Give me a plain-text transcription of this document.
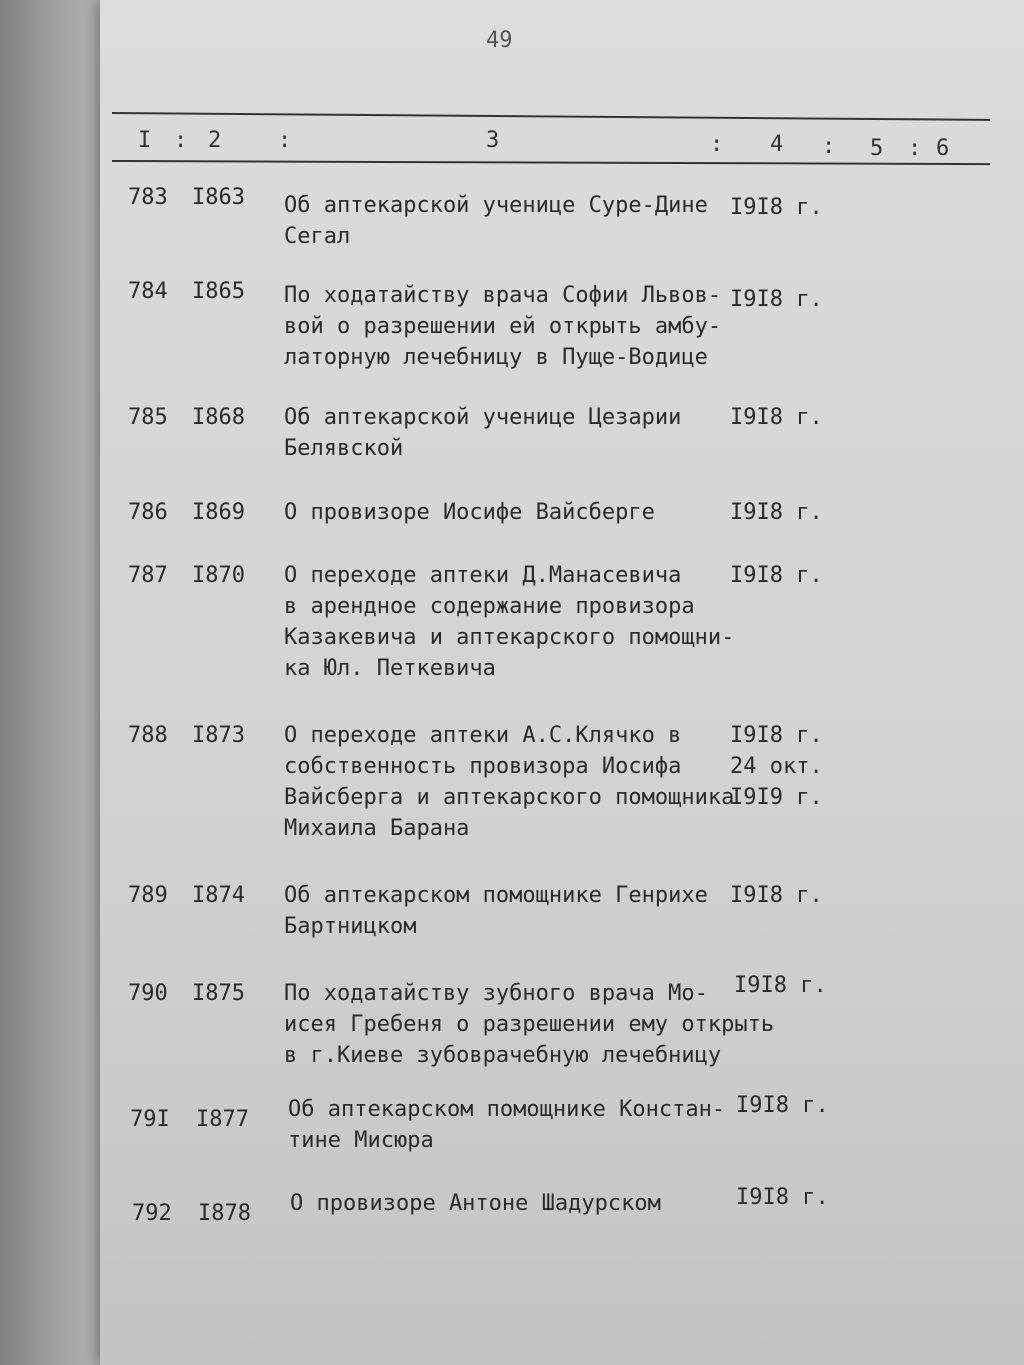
49
I : 2	:	3	: 4 : 5 : 6
783 I863 Об аптекарской ученице Суре-Дине
Сегал
I9I8 г.
784 I865 По ходатайству врача Софии Львов-
вой о разрешении ей открыть амбу-
латорную лечебницу в Пуще-Водице
I9I8 г.
785 I868 Об аптекарской ученице Цезарии
Белявской
I9I8 г.
786 I869 О провизоре Иосифе Вайсберге	I9I8 г.
787 I870 О переходе аптеки Д.Манасевича
в арендное содержание провизора
Казакевича и аптекарского помощни-
ка Юл. Петкевича
I9I8 г.
788 I873 О переходе аптеки А.С.Клячко в
собственность провизора Иосифа
Вайсберга и аптекарского помощника
Михаила Барана
I9I8 г.
24 окт.
I9I9 г.
789 I874 Об аптекарском помощнике Генрихе
Бартницком
I9I8 г.
790 I875 По ходатайству зубного врача Мо-
исея Гребеня о разрешении ему открыть
в г.Киеве зубоврачебную лечебницу
I9I8 г.
79I I877 Об аптекарском помощнике Констан-
тине Мисюра
I9I8 г.
792 I878 О провизоре Антоне Шадурском	I9I8 г.
